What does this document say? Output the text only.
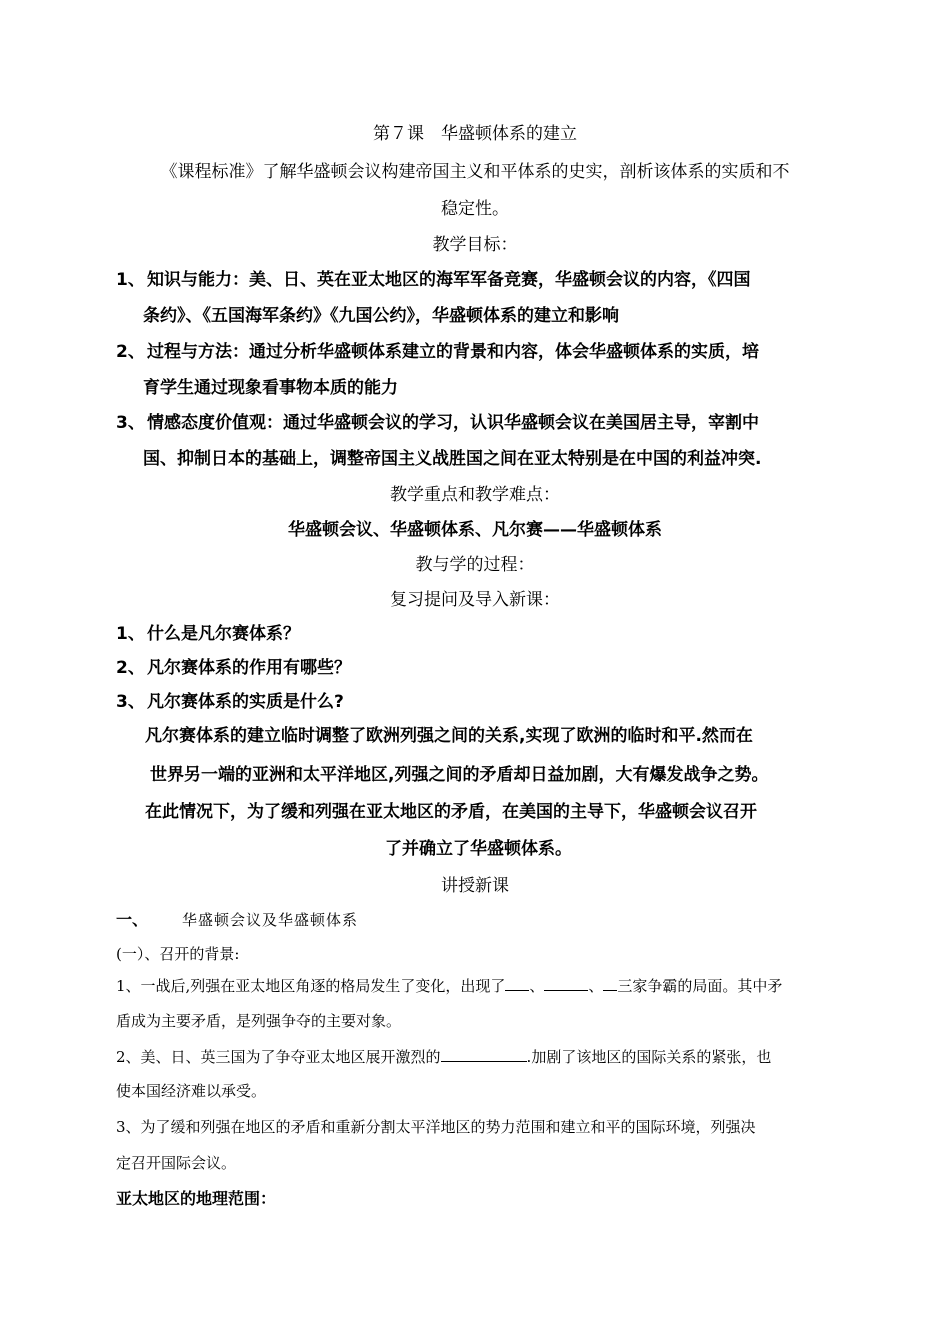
第７课　华盛顿体系的建立
《课程标准》了解华盛顿会议构建帝国主义和平体系的史实，剖析该体系的实质和不
稳定性。
教学目标：
1、 知识与能力：美、日、英在亚太地区的海军军备竞赛，华盛顿会议的内容，《四国
条约》、《五国海军条约》《九国公约》，华盛顿体系的建立和影响
2、 过程与方法：通过分析华盛顿体系建立的背景和内容，体会华盛顿体系的实质，培
育学生通过现象看事物本质的能力
3、 情感态度价值观：通过华盛顿会议的学习，认识华盛顿会议在美国居主导，宰割中
国、抑制日本的基础上，调整帝国主义战胜国之间在亚太特别是在中国的利益冲突.
教学重点和教学难点：
华盛顿会议、华盛顿体系、凡尔赛——华盛顿体系
教与学的过程：
复习提问及导入新课：
1、 什么是凡尔赛体系？
2、 凡尔赛体系的作用有哪些？
3、 凡尔赛体系的实质是什么?
凡尔赛体系的建立临时调整了欧洲列强之间的关系,实现了欧洲的临时和平.然而在
世界另一端的亚洲和太平洋地区,列强之间的矛盾却日益加剧，大有爆发战争之势。
在此情况下，为了缓和列强在亚太地区的矛盾，在美国的主导下，华盛顿会议召开
了并确立了华盛顿体系。
讲授新课
一、 华盛顿会议及华盛顿体系
(一）、召开的背景:
1、一战后,列强在亚太地区角逐的格局发生了变化，出现了 、	、 三家争霸的局面。其中矛
盾成为主要矛盾，是列强争夺的主要对象。
2、美、日、英三国为了争夺亚太地区展开激烈的	.加剧了该地区的国际关系的紧张，也
使本国经济难以承受。
3、为了缓和列强在地区的矛盾和重新分割太平洋地区的势力范围和建立和平的国际环境，列强决
定召开国际会议。
亚太地区的地理范围：
